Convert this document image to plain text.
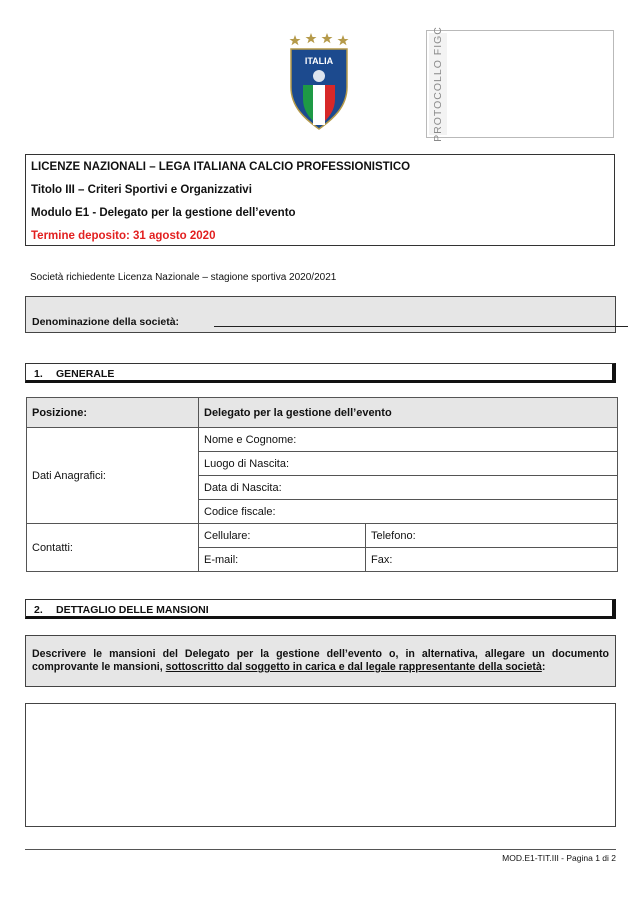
ITALIA	PROTOCOLLO FIGC
LICENZE NAZIONALI – LEGA ITALIANA CALCIO PROFESSIONISTICO
Titolo III – Criteri Sportivi e Organizzativi
Modulo E1 - Delegato per la gestione dell’evento
Termine deposito: 31 agosto 2020
Società richiedente Licenza Nazionale – stagione sportiva 2020/2021
Denominazione della società:
1. GENERALE
Posizione:	Delegato per la gestione dell’evento	
Dati Anagrafici:	Nome e Cognome:	
	Luogo di Nascita:	
	Data di Nascita:	
	Codice fiscale:	
Contatti:	Cellulare:	Telefono:
	E-mail:	Fax:
2. DETTAGLIO DELLE MANSIONI
Descrivere le mansioni del Delegato per la gestione dell’evento o, in alternativa, allegare un documento comprovante le mansioni, sottoscritto dal soggetto in carica e dal legale rappresentante della società:
MOD.E1-TIT.III - Pagina 1 di 2
